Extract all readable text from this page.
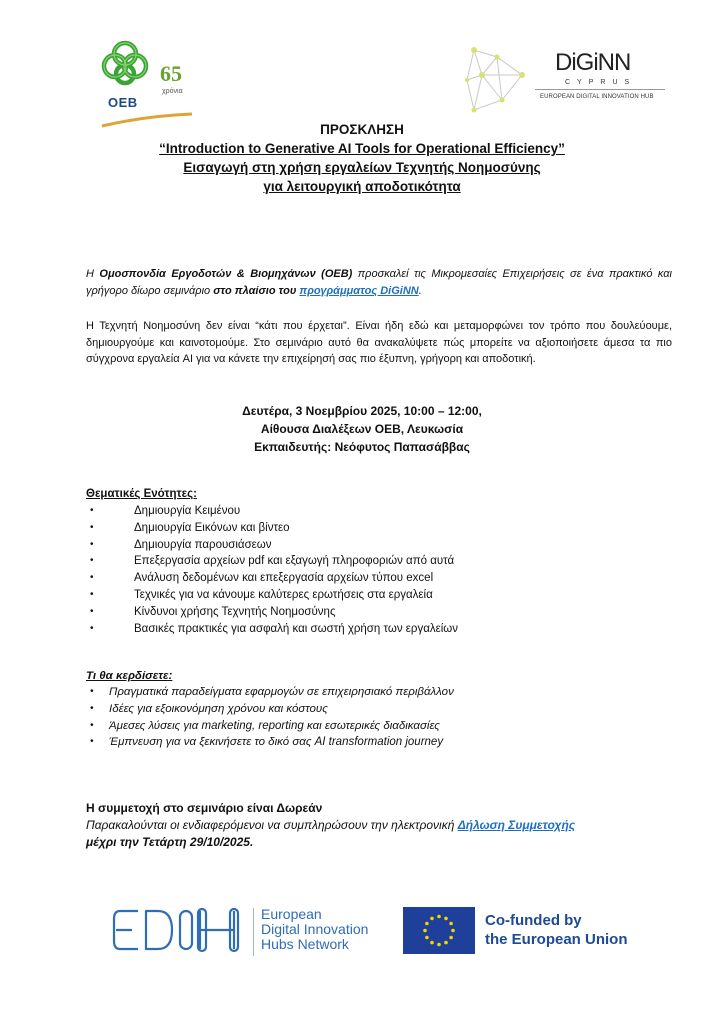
OEB
65
χρόνια
DiGiNN
CYPRUS
EUROPEAN DIGITAL INNOVATION HUB
ΠΡΟΣΚΛΗΣΗ
“Introduction to Generative AI Tools for Operational Efficiency”
Εισαγωγή στη χρήση εργαλείων Τεχνητής Νοημοσύνης
για λειτουργική αποδοτικότητα
Η Ομοσπονδία Εργοδοτών & Βιομηχάνων (ΟΕΒ) προσκαλεί τις Μικρομεσαίες Επιχειρήσεις σε ένα πρακτικό και γρήγορο δίωρο σεμινάριο στο πλαίσιο του προγράμματος DiGiNN.
Η Τεχνητή Νοημοσύνη δεν είναι “κάτι που έρχεται”. Είναι ήδη εδώ και μεταμορφώνει τον τρόπο που δουλεύουμε, δημιουργούμε και καινοτομούμε. Στο σεμινάριο αυτό θα ανακαλύψετε πώς μπορείτε να αξιοποιήσετε άμεσα τα πιο σύγχρονα εργαλεία AI για να κάνετε την επιχείρησή σας πιο έξυπνη, γρήγορη και αποδοτική.
Δευτέρα, 3 Νοεμβρίου 2025, 10:00 – 12:00,
Αίθουσα Διαλέξεων ΟΕΒ, Λευκωσία
Εκπαιδευτής: Νεόφυτος Παπασάββας
Θεματικές Ενότητες:
•	Δημιουργία Κειμένου
•	Δημιουργία Εικόνων και βίντεο
•	Δημιουργία παρουσιάσεων
•	Επεξεργασία αρχείων pdf και εξαγωγή πληροφοριών από αυτά
•	Ανάλυση δεδομένων και επεξεργασία αρχείων τύπου excel
•	Τεχνικές για να κάνουμε καλύτερες ερωτήσεις στα εργαλεία
•	Κίνδυνοι χρήσης Τεχνητής Νοημοσύνης
•	Βασικές πρακτικές για ασφαλή και σωστή χρήση των εργαλείων
Τι θα κερδίσετε:
• Πραγματικά παραδείγματα εφαρμογών σε επιχειρησιακό περιβάλλον
• Ιδέες για εξοικονόμηση χρόνου και κόστους
• Άμεσες λύσεις για marketing, reporting και εσωτερικές διαδικασίες
• Έμπνευση για να ξεκινήσετε το δικό σας AI transformation journey
Η συμμετοχή στο σεμινάριο είναι Δωρεάν
Παρακαλούνται οι ενδιαφερόμενοι να συμπληρώσουν την ηλεκτρονική Δήλωση Συμμετοχής
μέχρι την Τετάρτη 29/10/2025.
European
Digital Innovation
Hubs Network
Co-funded by
the European Union
